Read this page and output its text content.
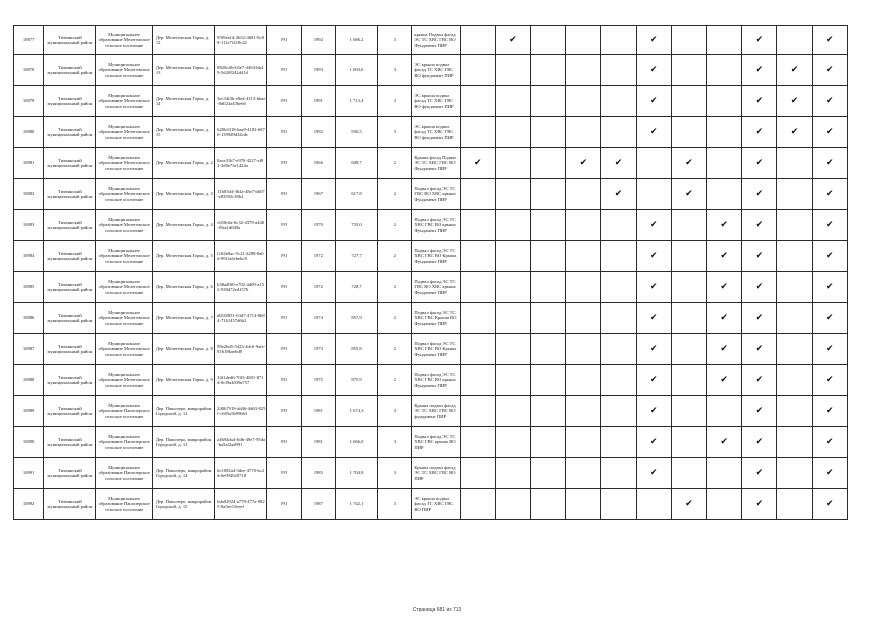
10877	Тихвинский муниципальный район	Муниципальное образование Мелегежское сельское поселение	Дер. Мелегежская Горка, д. 12	95f9ea1d-2b52-4681-8c88-111e7f418c42	РО	1992	1 686,2	3	крыша Подвал фасад ЭС ТС ХВС ГВС ВО Фундамент ПИР		✔				✔			✔		✔
10878	Тихвинский муниципальный район	Муниципальное образование Мелегежское сельское поселение	Дер. Мелегежская Горка, д. 13	8828cffb-b5e7-4404-bb49-5d2f8242d41d	РО	1993	1 693,6	3	ЭС крыша подвал фасад ТС ХВС ГВС ВО фундамент ПИР						✔			✔	✔	✔
10879	Тихвинский муниципальный район	Муниципальное образование Мелегежское сельское поселение	Дер. Мелегежская Горка, д. 14	3ec34f3b-a9ed-4313-bbae-0d023a436e66	РО	1991	1 713,4	3	ЭС крыша подвал фасад ТС ХВС ГВС ВО фундамент ПИР						✔			✔	✔	✔
10880	Тихвинский муниципальный район	Муниципальное образование Мелегежское сельское поселение	Дер. Мелегежская Горка, д. 15	620b3318-baa0-4182-b876-1399d9d34cdc	РО	1992	830,5	3	ЭС крыша подвал фасад ТС ХВС ГВС ВО фундамент ПИР						✔			✔	✔	✔
10881	Тихвинский муниципальный район	Муниципальное образование Мелегежское сельское поселение	Дер. Мелегежская Горка, д. 2	8ace31b7-e970-4227-af81-2d0e73e1424a	РО	1966	608,7	2	Крыша фасад Подвал ЭС ТС ХВС ГВС ВО Фундамент ПИР	✔			✔	✔		✔		✔		✔
10882	Тихвинский муниципальный район	Муниципальное образование Мелегежское сельское поселение	Дер. Мелегежская Горка, д. 3	11b05d4-364a-48e7-bb07-e83592c39b2	РО	1967	617,8	2	Подвал фасад ЭС ТС ГВС ВО ХВС крыша Фундамент ПИР					✔		✔		✔		✔
10883	Тихвинский муниципальный район	Муниципальное образование Мелегежское сельское поселение	Дер. Мелегежская Горка, д. 4	c658c6a-6c32-4379-a440-f9ae1d049a	РО	1970	735,0	2	Подвал фасад ЭС ТС ХВС ГВС ВО крыша Фундамент ПИР						✔		✔	✔		✔
10884	Тихвинский муниципальный район	Муниципальное образование Мелегежское сельское поселение	Дер. Мелегежская Горка, д. 5	f162b9ac-5c21-4298-8a0d-99f1a6cbebc8	РО	1972	727,7	2	Подвал фасад ЭС ТС ХВС ГВС ВО Крыша Фундамент ПИР						✔		✔	✔		✔
10885	Тихвинский муниципальный район	Муниципальное образование Мелегежское сельское поселение	Дер. Мелегежская Горка, д. 6	b38ad9f0-e702-4d09-a152-939d72ed1576	РО	1972	728,7	2	Подвал фасад ЭС ТС ГВС ВО ХВС крыша Фундамент ПИР						✔		✔	✔		✔
10886	Тихвинский муниципальный район	Муниципальное образование Мелегежское сельское поселение	Дер. Мелегежская Горка, д. 7	d010f851-63d7-4714-8b84-7161457d6b2	РО	1974	857,9	2	Подвал фасад ЭС ТС ХВС ГВС Крыша ВО Фундамент ПИР						✔		✔	✔		✔
10887	Тихвинский муниципальный район	Муниципальное образование Мелегежское сельское поселение	Дер. Мелегежская Горка, д. 8	89e2bd5-5423-4dc6-9afe-816186ae6d8	РО	1973	855,8	2	Подвал фасад ЭС ТС ХВС ГВС ВО Крыша Фундамент ПИР						✔		✔	✔		✔
10888	Тихвинский муниципальный район	Муниципальное образование Мелегежское сельское поселение	Дер. Мелегежская Горка, д. 9	34f1ded6-70f3-4001-871d-0cf9a4039a757	РО	1975	875,9	2	Подвал фасад ЭС ТС ХВС ГВС ВО крыша Фундамент ПИР						✔		✔	✔		✔
10889	Тихвинский муниципальный район	Муниципальное образование Пашозерское сельское поселение	Дер. Пашозеро, микрорайон Городской, д. 12	240b7918-dd46-4d63-825f-c605a5b99b63	РО	1981	1 674,3	3	Крыша подвал фасад ЭС ТС ХВС ГВС ВО фундамент ПИР						✔			✔		✔
10890	Тихвинский муниципальный район	Муниципальное образование Пашозерское сельское поселение	Дер. Пашозеро, микрорайон Городской, д. 13	a4694da4-ffdb-49e7-95da-ba5af2ad991	РО	1981	1 666,0	3	Подвал фасад ЭС ТС ХВС ГВС крыша ВО ПИР						✔		✔	✔		✔
10891	Тихвинский муниципальный район	Муниципальное образование Пашозерское сельское поселение	Дер. Пашозеро, микрорайон Городской, д. 14	6c1082a4-3dee-4770-bc2d-6e994020718	РО	1983	1 704,8	3	Крыша подвал фасад ЭС ТС ХВС ГВС ВО ПИР						✔			✔		✔
10892	Тихвинский муниципальный район	Муниципальное образование Пашозерское сельское поселение	Дер. Пашозеро, микрорайон Городской, д. 15	bda02924-a778-477a-9825-8a5ee15eeef	РО	1987	1 742,1	3	ЭС крыша подвал фасад ТС ХВС ГВС ВО ПИР							✔		✔		✔
Страница 681 из 713
